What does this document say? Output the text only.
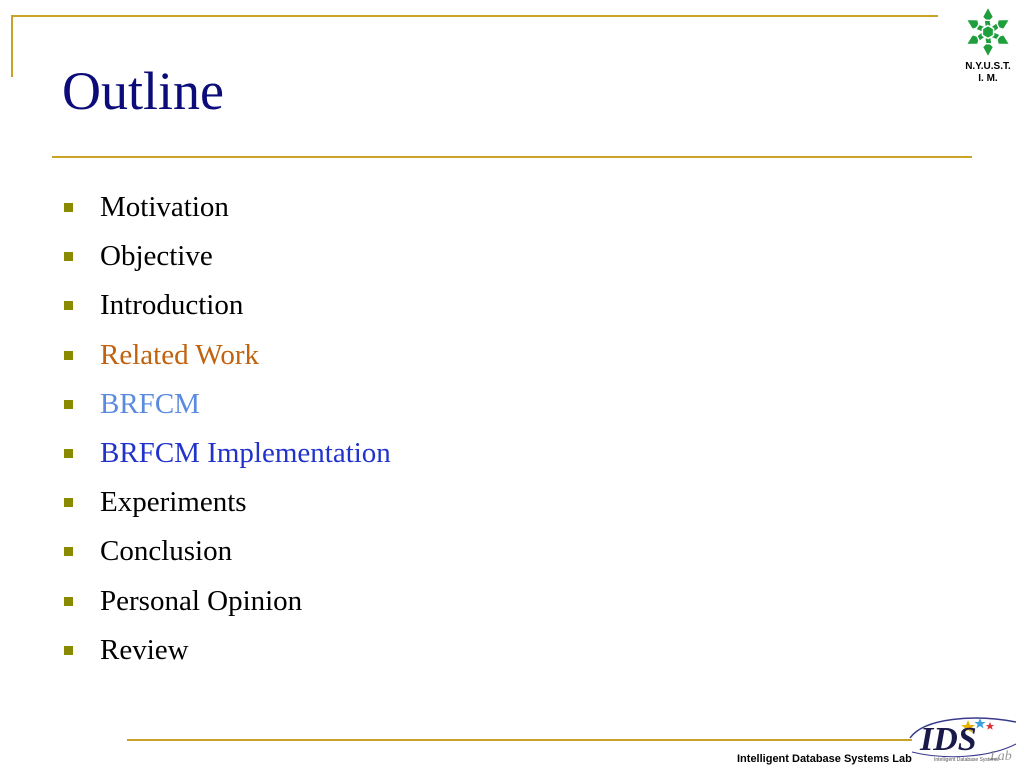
Outline	N.Y.U.S.T.
I. M.
Motivation
Objective
Introduction
Related Work
BRFCM
BRFCM Implementation
Experiments
Conclusion
Personal Opinion
Review
Intelligent Database Systems Lab
IDS Lab
Intelligent Database Systems
